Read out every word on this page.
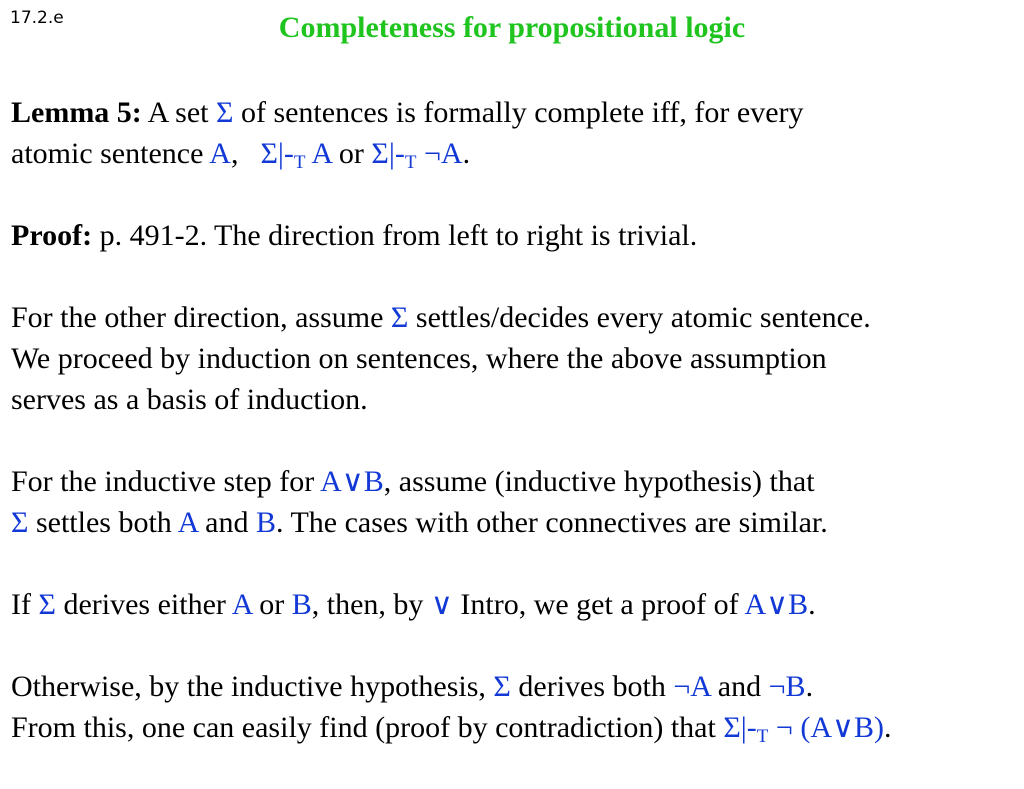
17.2.e	Completeness for propositional logic
Lemma 5: A set Σ of sentences is formally complete iff, for every
atomic sentence A, $\Sigma|-_T$ A or $\Sigma|-_T$ ¬A.
Proof: p. 491-2. The direction from left to right is trivial.
For the other direction, assume Σ settles/decides every atomic sentence.
We proceed by induction on sentences, where the above assumption
serves as a basis of induction.
For the inductive step for A∨B, assume (inductive hypothesis) that
Σ settles both A and B. The cases with other connectives are similar.
If Σ derives either A or B, then, by ∨ Intro, we get a proof of A∨B.
Otherwise, by the inductive hypothesis, Σ derives both ¬A and ¬B.
From this, one can easily find (proof by contradiction) that $\Sigma|-_T$ ¬ (A∨B).
